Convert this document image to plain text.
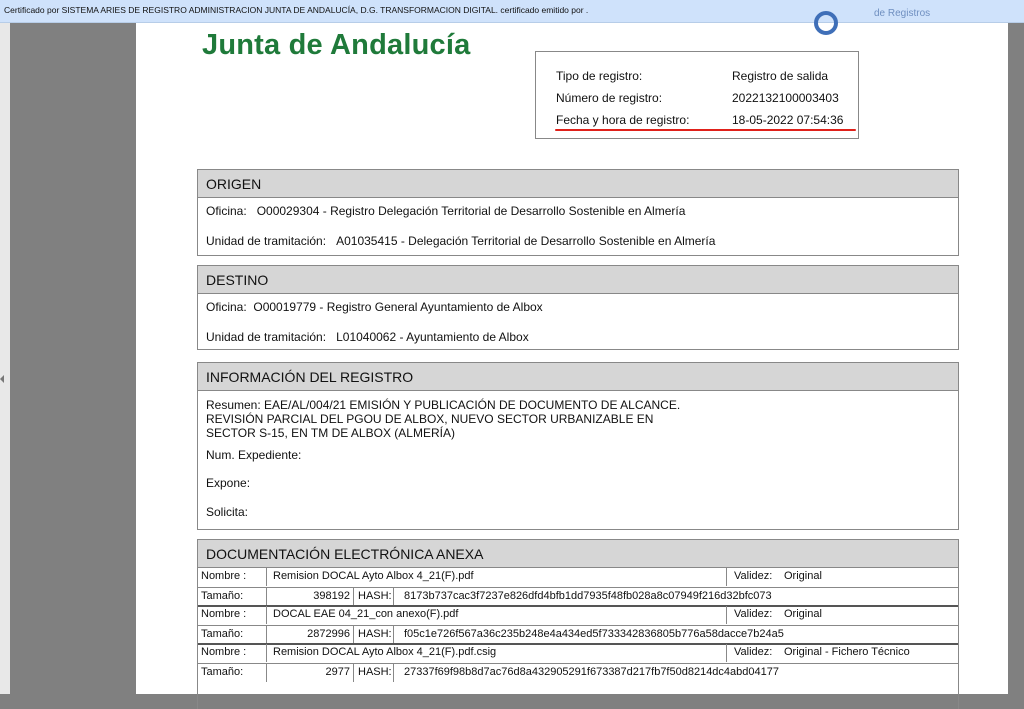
Certificado por SISTEMA ARIES DE REGISTRO ADMINISTRACION JUNTA DE ANDALUCÍA, D.G. TRANSFORMACION DIGITAL. certificado emitido por .
Junta de Andalucía
de Registros
Tipo de registro:	Registro de salida
Número de registro:	2022132100003403
Fecha y hora de registro:	18-05-2022 07:54:36
ORIGEN
Oficina: O00029304 - Registro Delegación Territorial de Desarrollo Sostenible en Almería
Unidad de tramitación: A01035415 - Delegación Territorial de Desarrollo Sostenible en Almería
DESTINO
Oficina: O00019779 - Registro General Ayuntamiento de Albox
Unidad de tramitación: L01040062 - Ayuntamiento de Albox
INFORMACIÓN DEL REGISTRO
Resumen: EAE/AL/004/21 EMISIÓN Y PUBLICACIÓN DE DOCUMENTO DE ALCANCE.
REVISIÓN PARCIAL DEL PGOU DE ALBOX, NUEVO SECTOR URBANIZABLE EN
SECTOR S-15, EN TM DE ALBOX (ALMERÍA)
Num. Expediente:
Expone:
Solicita:
DOCUMENTACIÓN ELECTRÓNICA ANEXA
Nombre : Remision DOCAL Ayto Albox 4_21(F).pdf	Validez: Original
Tamaño:	398192 HASH: 8173b737cac3f7237e826dfd4bfb1dd7935f48fb028a8c07949f216d32bfc073
Nombre : DOCAL EAE 04_21_con anexo(F).pdf	Validez: Original
Tamaño:	2872996 HASH: f05c1e726f567a36c235b248e4a434ed5f733342836805b776a58dacce7b24a5
Nombre : Remision DOCAL Ayto Albox 4_21(F).pdf.csig	Validez: Original - Fichero Técnico
Tamaño:	2977 HASH: 27337f69f98b8d7ac76d8a432905291f673387d217fb7f50d8214dc4abd04177
